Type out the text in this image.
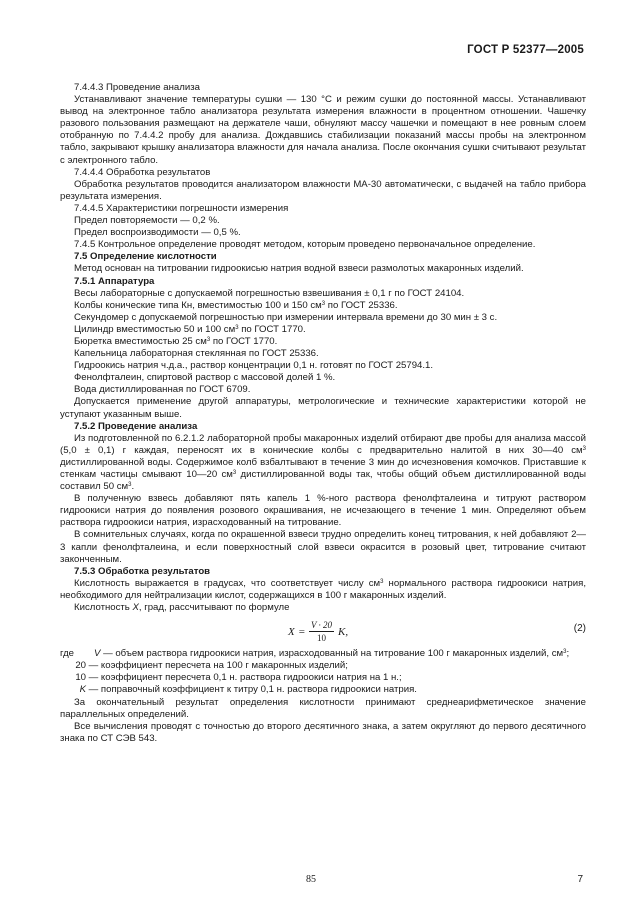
ГОСТ Р 52377—2005

7.4.4.3 Проведение анализа

Устанавливают значение температуры сушки — 130 °С и режим сушки до постоянной массы. Устанавливают вывод на электронное табло анализатора результата измерения влажности в процентном отношении. Чашечку разового пользования размещают на держателе чаши, обнуляют массу чашечки и помещают в нее ровным слоем отобранную по 7.4.4.2 пробу для анализа. Дождавшись стабилизации показаний массы пробы на электронном табло, закрывают крышку анализатора влажности для начала анализа. После окончания сушки считывают результат с электронного табло.

7.4.4.4 Обработка результатов

Обработка результатов проводится анализатором влажности МА-30 автоматически, с выдачей на табло прибора результата измерения.

7.4.4.5 Характеристики погрешности измерения

Предел повторяемости — 0,2 %.

Предел воспроизводимости — 0,5 %.

7.4.5 Контрольное определение проводят методом, которым проведено первоначальное определение.

7.5 Определение кислотности

Метод основан на титровании гидроокисью натрия водной взвеси размолотых макаронных изделий.

7.5.1 Аппаратура

Весы лабораторные с допускаемой погрешностью взвешивания ± 0,1 г по ГОСТ 24104.

Колбы конические типа Кн, вместимостью 100 и 150 $см^3$ по ГОСТ 25336.

Секундомер с допускаемой погрешностью при измерении интервала времени до 30 мин ± 3 с.

Цилиндр вместимостью 50 и 100 $см^3$ по ГОСТ 1770.

Бюретка вместимостью 25 $см^3$ по ГОСТ 1770.

Капельница лабораторная стеклянная по ГОСТ 25336.

Гидроокись натрия ч.д.а., раствор концентрации 0,1 н. готовят по ГОСТ 25794.1.

Фенолфталеин, спиртовой раствор с массовой долей 1 %.

Вода дистиллированная по ГОСТ 6709.

Допускается применение другой аппаратуры, метрологические и технические характеристики которой не уступают указанным выше.

7.5.2 Проведение анализа

Из подготовленной по 6.2.1.2 лабораторной пробы макаронных изделий отбирают две пробы для анализа массой (5,0 ± 0,1) г каждая, переносят их в конические колбы с предварительно налитой в них 30—40 $см^3$ дистиллированной воды. Содержимое колб взбалтывают в течение 3 мин до исчезновения комочков. Приставшие к стенкам частицы смывают 10—20 $см^3$ дистиллированной воды так, чтобы общий объем дистиллированной воды составил 50 $см^3$.

В полученную взвесь добавляют пять капель 1 %-ного раствора фенолфталеина и титруют раствором гидроокиси натрия до появления розового окрашивания, не исчезающего в течение 1 мин. Определяют объем раствора гидроокиси натрия, израсходованный на титрование.

В сомнительных случаях, когда по окрашенной взвеси трудно определить конец титрования, к ней добавляют 2—3 капли фенолфталеина, и если поверхностный слой взвеси окрасится в розовый цвет, титрование считают законченным.

7.5.3 Обработка результатов

Кислотность выражается в градусах, что соответствует числу $см^3$ нормального раствора гидроокиси натрия, необходимого для нейтрализации кислот, содержащихся в 100 г макаронных изделий.

Кислотность X, град, рассчитывают по формуле

$X = \frac{V \cdot 20}{10} K$,	(2)
где	V — объем раствора гидроокиси натрия, израсходованный на титрование 100 г макаронных изделий, $см^3$;

20 — коэффициент пересчета на 100 г макаронных изделий;

10 — коэффициент пересчета 0,1 н. раствора гидроокиси натрия на 1 н.;

K — поправочный коэффициент к титру 0,1 н. раствора гидроокиси натрия.

За окончательный результат определения кислотности принимают среднеарифметическое значение параллельных определений.

Все вычисления проводят с точностью до второго десятичного знака, а затем округляют до первого десятичного знака по СТ СЭВ 543.

85	7
